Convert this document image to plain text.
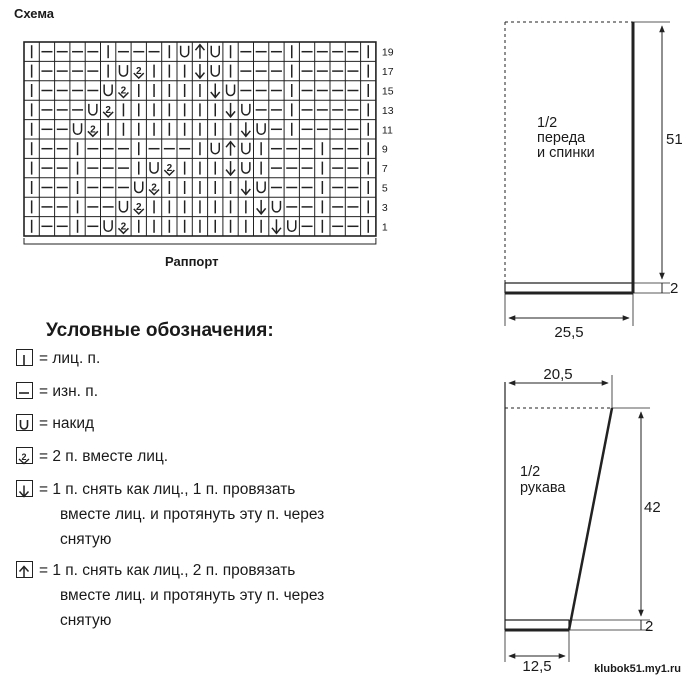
Схема
2
2
2
2
2
2
2
2
19
17
15
13
11
9
7
5
3
1
Раппорт
Условные обозначения:
= лиц. п.
= изн. п.
= накид
2 = 2 п. вместе лиц.
= 1 п. снять как лиц., 1 п. провязать
вместе лиц. и протянуть эту п. через
снятую
= 1 п. снять как лиц., 2 п. провязать
вместе лиц. и протянуть эту п. через
снятую
1/2
переда
и спинки
51
2
25,5
1/2
рукава
20,5
42
2
12,5	klubok51.my1.ru
